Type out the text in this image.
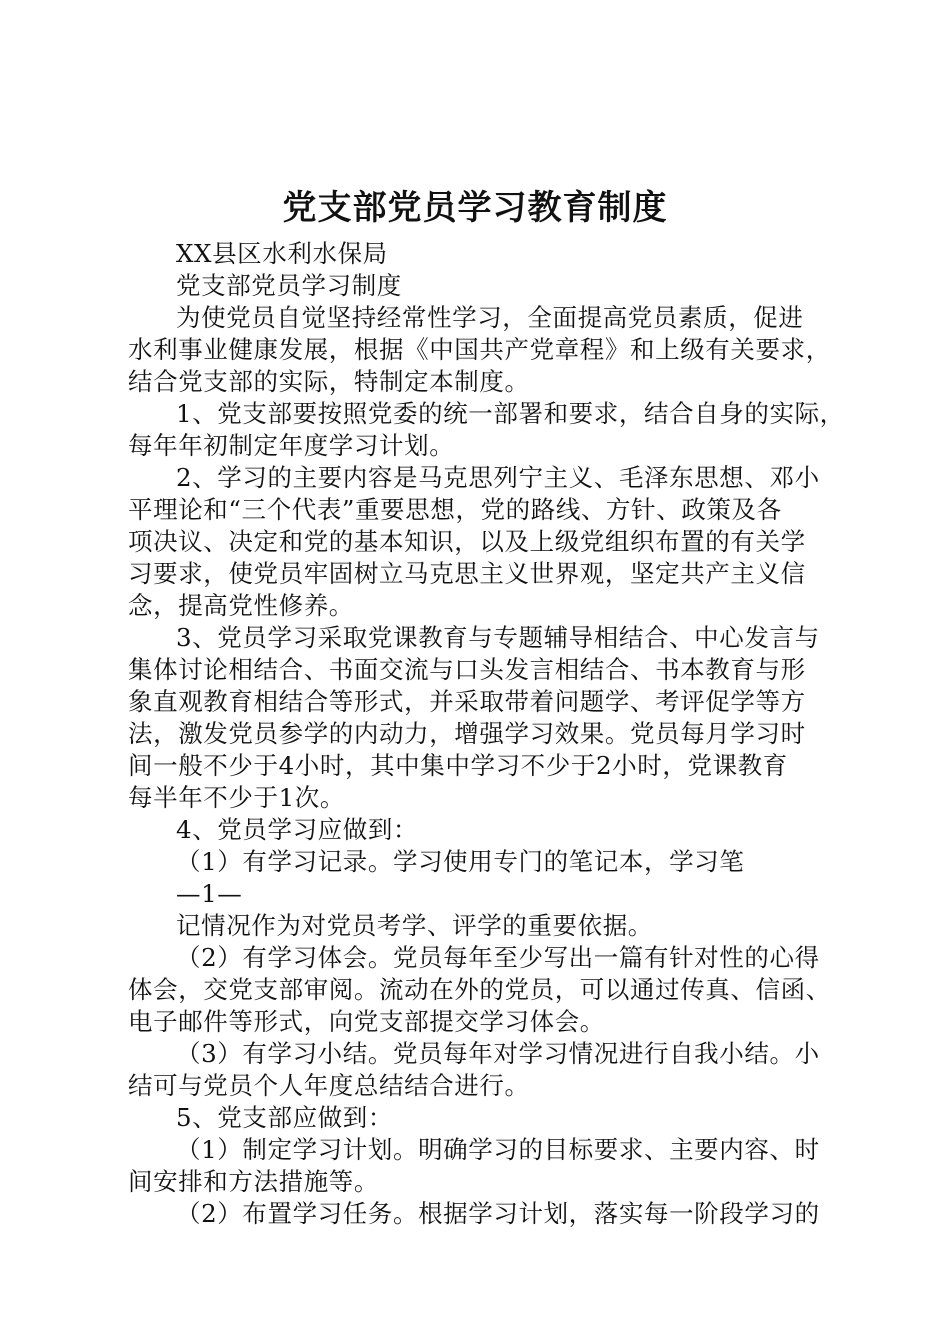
党支部党员学习教育制度
XX县区水利水保局
党支部党员学习制度
为使党员自觉坚持经常性学习，全面提高党员素质，促进
水利事业健康发展，根据《中国共产党章程》和上级有关要求，
结合党支部的实际，特制定本制度。
1、党支部要按照党委的统一部署和要求，结合自身的实际，
每年年初制定年度学习计划。
2、学习的主要内容是马克思列宁主义、毛泽东思想、邓小
平理论和“三个代表”重要思想，党的路线、方针、政策及各
项决议、决定和党的基本知识，以及上级党组织布置的有关学
习要求，使党员牢固树立马克思主义世界观，坚定共产主义信
念，提高党性修养。
3、党员学习采取党课教育与专题辅导相结合、中心发言与
集体讨论相结合、书面交流与口头发言相结合、书本教育与形
象直观教育相结合等形式，并采取带着问题学、考评促学等方
法，激发党员参学的内动力，增强学习效果。党员每月学习时
间一般不少于4小时，其中集中学习不少于2小时，党课教育
每半年不少于1次。
4、党员学习应做到：
（1）有学习记录。学习使用专门的笔记本，学习笔
—1—
记情况作为对党员考学、评学的重要依据。
（2）有学习体会。党员每年至少写出一篇有针对性的心得
体会，交党支部审阅。流动在外的党员，可以通过传真、信函、
电子邮件等形式，向党支部提交学习体会。
（3）有学习小结。党员每年对学习情况进行自我小结。小
结可与党员个人年度总结结合进行。
5、党支部应做到：
（1）制定学习计划。明确学习的目标要求、主要内容、时
间安排和方法措施等。
（2）布置学习任务。根据学习计划，落实每一阶段学习的
